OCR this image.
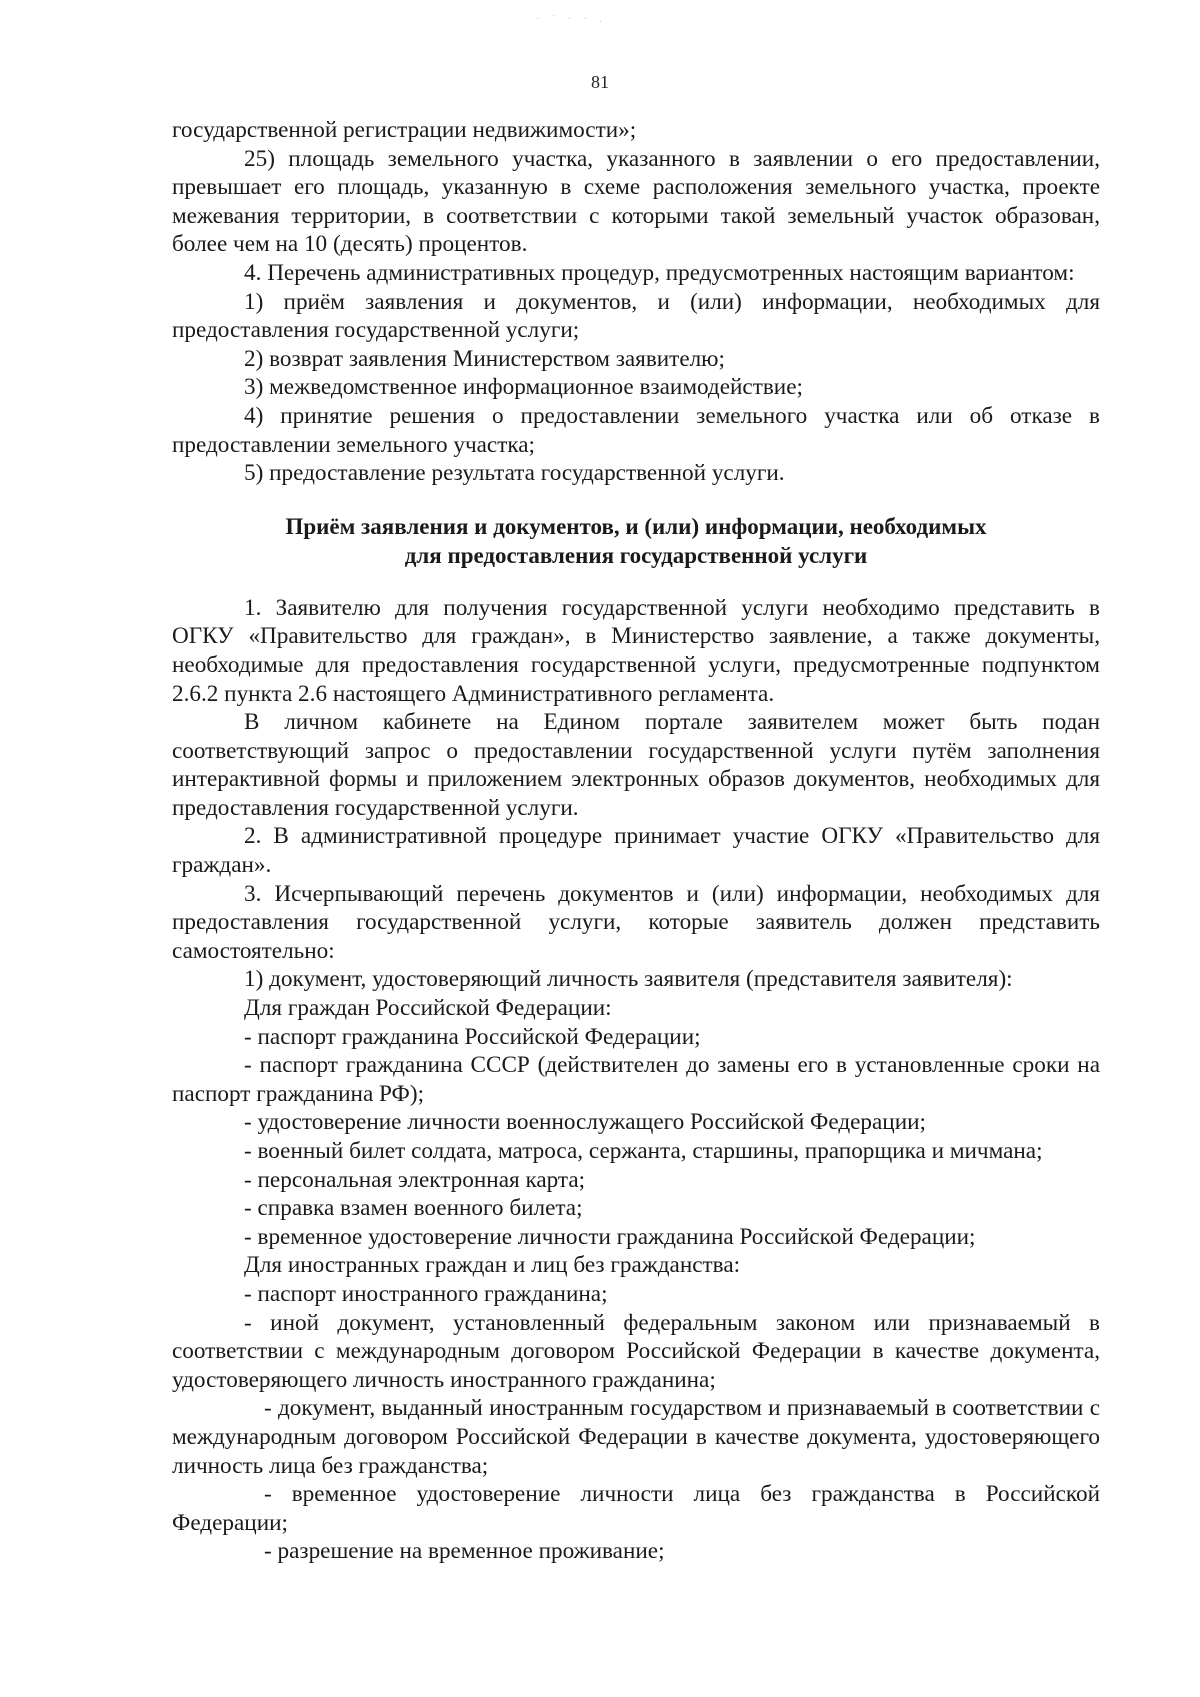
· ˙ · · .
81

государственной регистрации недвижимости»;

25) площадь земельного участка, указанного в заявлении о его предоставлении, превышает его площадь, указанную в схеме расположения земельного участка, проекте межевания территории, в соответствии с которыми такой земельный участок образован, более чем на 10 (десять) процентов.

4. Перечень административных процедур, предусмотренных настоящим вариантом:

1) приём заявления и документов, и (или) информации, необходимых для предоставления государственной услуги;

2) возврат заявления Министерством заявителю;

3) межведомственное информационное взаимодействие;

4) принятие решения о предоставлении земельного участка или об отказе в предоставлении земельного участка;

5) предоставление результата государственной услуги.

Приём заявления и документов, и (или) информации, необходимых
для предоставления государственной услуги

1. Заявителю для получения государственной услуги необходимо представить в ОГКУ «Правительство для граждан», в Министерство заявление, а также документы, необходимые для предоставления государственной услуги, предусмотренные подпунктом 2.6.2 пункта 2.6 настоящего Административного регламента.

В личном кабинете на Едином портале заявителем может быть подан соответствующий запрос о предоставлении государственной услуги путём заполнения интерактивной формы и приложением электронных образов документов, необходимых для предоставления государственной услуги.

2. В административной процедуре принимает участие ОГКУ «Правительство для граждан».

3. Исчерпывающий перечень документов и (или) информации, необходимых для предоставления государственной услуги, которые заявитель должен представить самостоятельно:

1) документ, удостоверяющий личность заявителя (представителя заявителя):

Для граждан Российской Федерации:

- паспорт гражданина Российской Федерации;

- паспорт гражданина СССР (действителен до замены его в установленные сроки на паспорт гражданина РФ);

- удостоверение личности военнослужащего Российской Федерации;

- военный билет солдата, матроса, сержанта, старшины, прапорщика и мичмана;

- персональная электронная карта;

- справка взамен военного билета;

- временное удостоверение личности гражданина Российской Федерации;

Для иностранных граждан и лиц без гражданства:

- паспорт иностранного гражданина;

- иной документ, установленный федеральным законом или признаваемый в соответствии с международным договором Российской Федерации в качестве документа, удостоверяющего личность иностранного гражданина;

- документ, выданный иностранным государством и признаваемый в соответствии с международным договором Российской Федерации в качестве документа, удостоверяющего личность лица без гражданства;

- временное удостоверение личности лица без гражданства в Российской Федерации;

- разрешение на временное проживание;
